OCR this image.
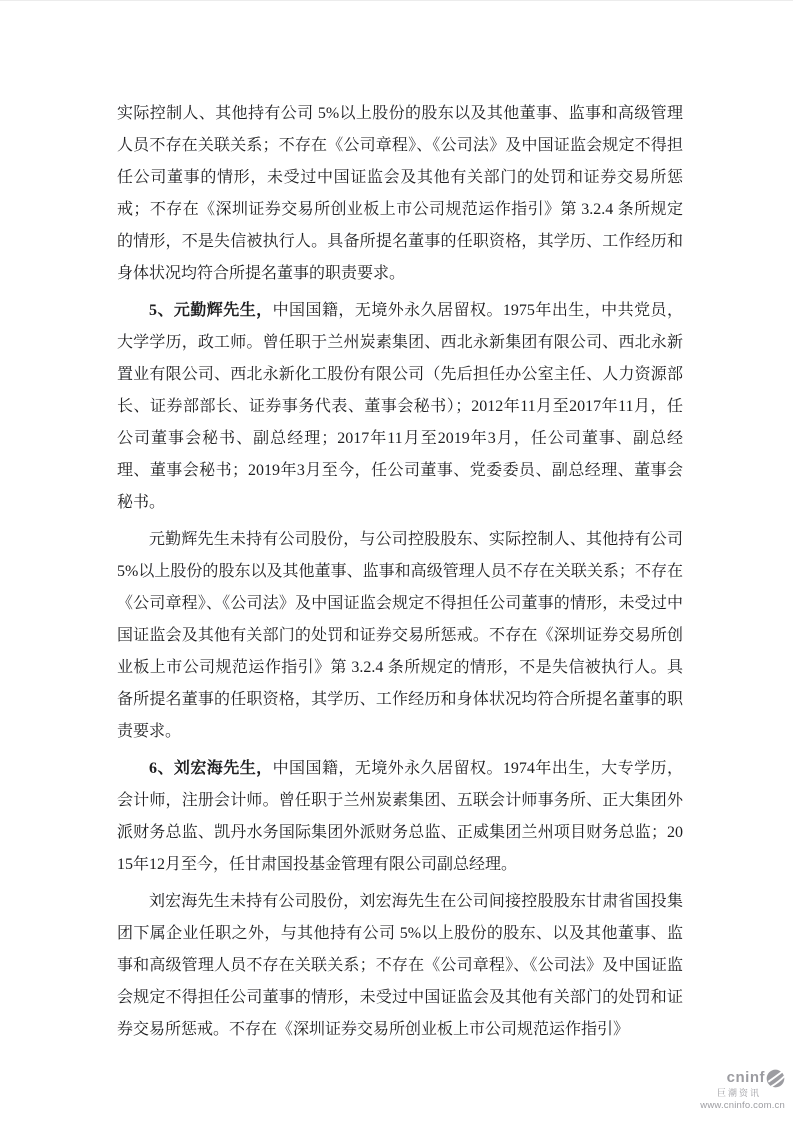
实际控制人、其他持有公司 5%以上股份的股东以及其他董事、监事和高级管理人员不存在关联关系；不存在《公司章程》、《公司法》及中国证监会规定不得担任公司董事的情形，未受过中国证监会及其他有关部门的处罚和证券交易所惩戒；不存在《深圳证券交易所创业板上市公司规范运作指引》第 3.2.4 条所规定的情形，不是失信被执行人。具备所提名董事的任职资格，其学历、工作经历和身体状况均符合所提名董事的职责要求。

5、元勤辉先生，中国国籍，无境外永久居留权。1975年出生，中共党员，大学学历，政工师。曾任职于兰州炭素集团、西北永新集团有限公司、西北永新置业有限公司、西北永新化工股份有限公司（先后担任办公室主任、人力资源部长、证券部部长、证券事务代表、董事会秘书）；2012年11月至2017年11月，任公司董事会秘书、副总经理；2017年11月至2019年3月，任公司董事、副总经理、董事会秘书；2019年3月至今，任公司董事、党委委员、副总经理、董事会秘书。

元勤辉先生未持有公司股份，与公司控股股东、实际控制人、其他持有公司 5%以上股份的股东以及其他董事、监事和高级管理人员不存在关联关系；不存在《公司章程》、《公司法》及中国证监会规定不得担任公司董事的情形，未受过中国证监会及其他有关部门的处罚和证券交易所惩戒。不存在《深圳证券交易所创业板上市公司规范运作指引》第 3.2.4 条所规定的情形，不是失信被执行人。具备所提名董事的任职资格，其学历、工作经历和身体状况均符合所提名董事的职责要求。

6、刘宏海先生，中国国籍，无境外永久居留权。1974年出生，大专学历，会计师，注册会计师。曾任职于兰州炭素集团、五联会计师事务所、正大集团外派财务总监、凯丹水务国际集团外派财务总监、正威集团兰州项目财务总监；2015年12月至今，任甘肃国投基金管理有限公司副总经理。

刘宏海先生未持有公司股份，刘宏海先生在公司间接控股股东甘肃省国投集团下属企业任职之外，与其他持有公司 5%以上股份的股东、以及其他董事、监事和高级管理人员不存在关联关系；不存在《公司章程》、《公司法》及中国证监会规定不得担任公司董事的情形，未受过中国证监会及其他有关部门的处罚和证券交易所惩戒。不存在《深圳证券交易所创业板上市公司规范运作指引》

cninf
巨潮资讯
www.cninfo.com.cn
